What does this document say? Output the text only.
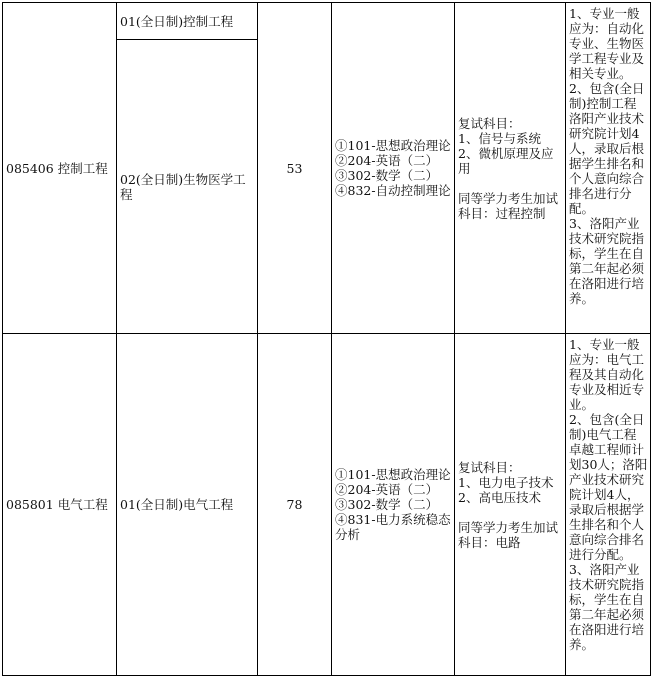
085406 控制工程
01(全日制)控制工程
02(全日制)生物医学工程
53
①101-思想政治理论
②204-英语（二）
③302-数学（二）
④832-自动控制理论
复试科目：
1、信号与系统
2、微机原理及应用
同等学力考生加试科目：过程控制
1、专业一般应为：自动化专业、生物医学工程专业及相关专业。
2、包含(全日制)控制工程洛阳产业技术研究院计划4人，录取后根据学生排名和个人意向综合排名进行分配。
3、洛阳产业技术研究院指标，学生在自第二年起必须在洛阳进行培养。
085801 电气工程 01(全日制)电气工程	78
①101-思想政治理论
②204-英语（二）
③302-数学（二）
④831-电力系统稳态分析
复试科目：
1、电力电子技术
2、高电压技术
同等学力考生加试科目：电路
1、专业一般应为：电气工程及其自动化专业及相近专业。
2、包含(全日制)电气工程卓越工程师计划30人；洛阳产业技术研究院计划4人，录取后根据学生排名和个人意向综合排名进行分配。
3、洛阳产业技术研究院指标，学生在自第二年起必须在洛阳进行培养。
